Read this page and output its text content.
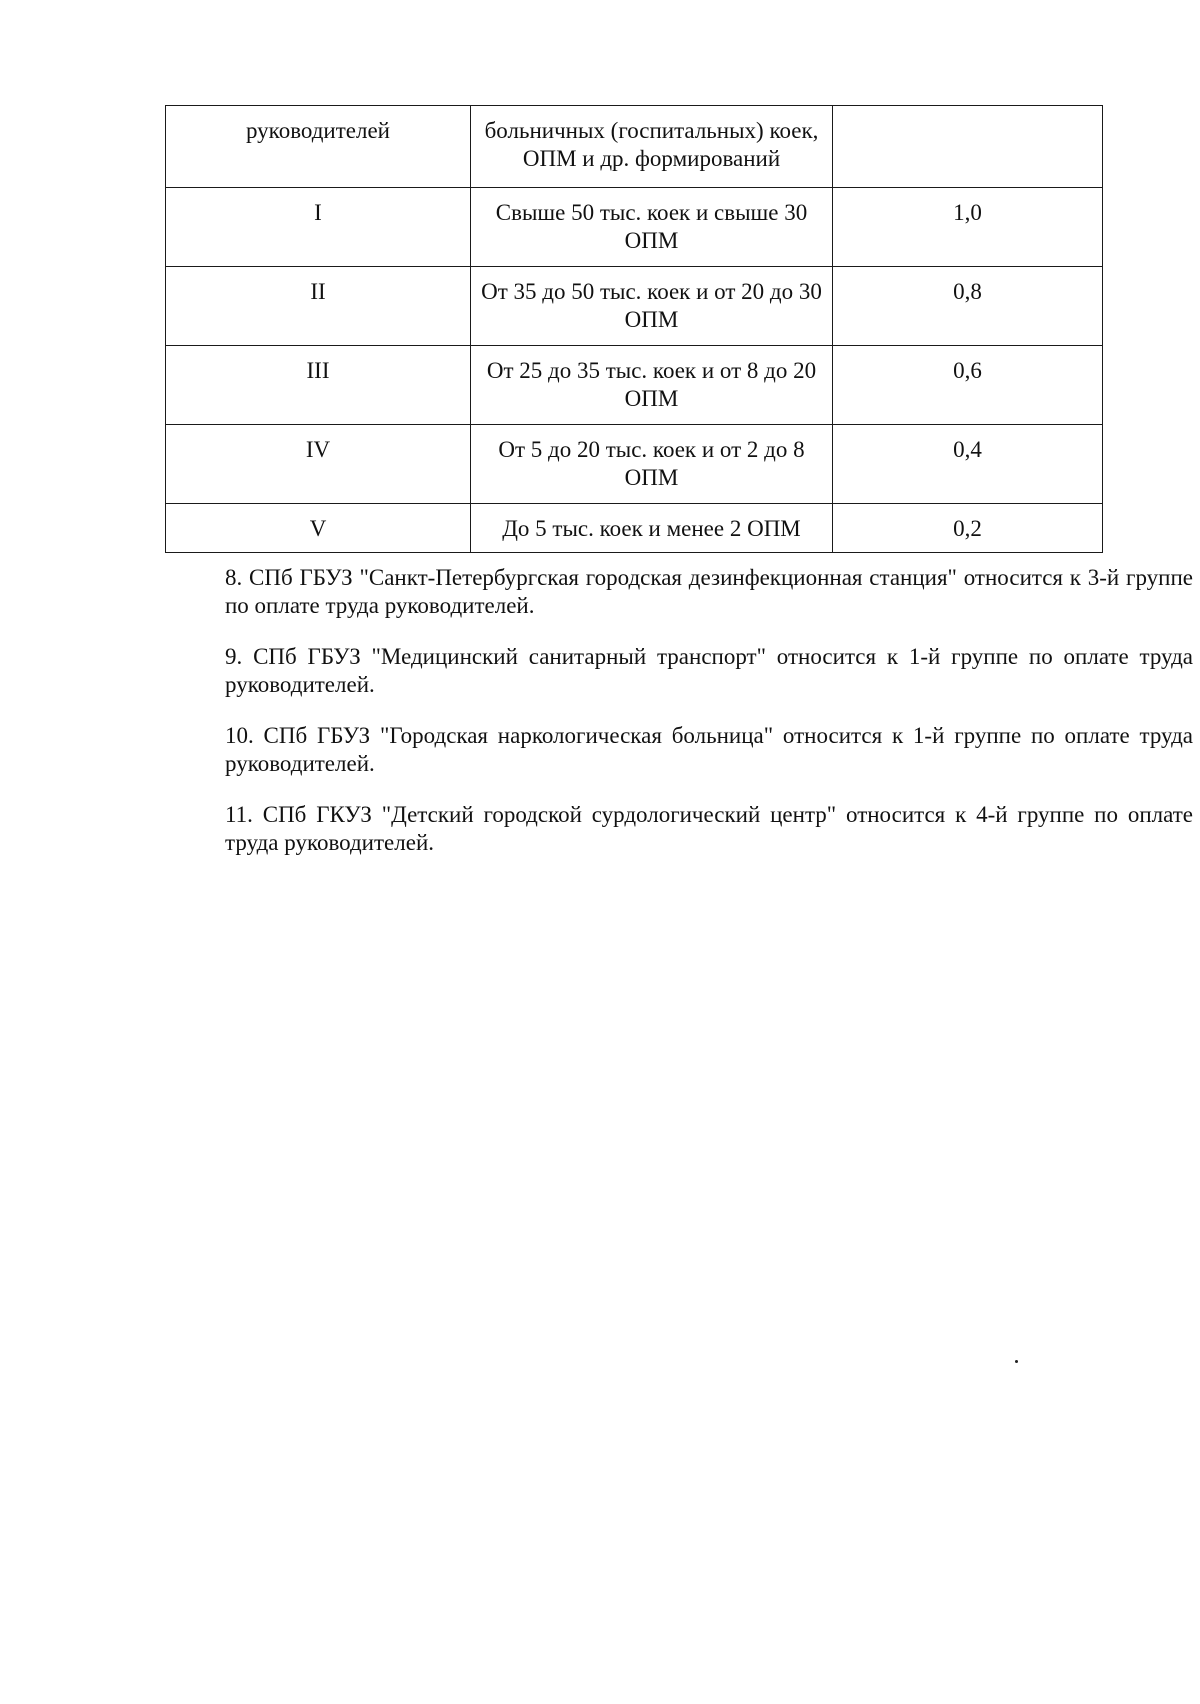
руководителей	больничных (госпитальных) коек, ОПМ и др. формирований	
I	Свыше 50 тыс. коек и свыше 30 ОПМ	1,0
II	От 35 до 50 тыс. коек и от 20 до 30 ОПМ	0,8
III	От 25 до 35 тыс. коек и от 8 до 20 ОПМ	0,6
IV	От 5 до 20 тыс. коек и от 2 до 8 ОПМ	0,4
V	До 5 тыс. коек и менее 2 ОПМ	0,2

8. СПб ГБУЗ "Санкт-Петербургская городская дезинфекционная станция" относится к 3-й группе по оплате труда руководителей.

9. СПб ГБУЗ "Медицинский санитарный транспорт" относится к 1-й группе по оплате труда руководителей.

10. СПб ГБУЗ "Городская наркологическая больница" относится к 1-й группе по оплате труда руководителей.

11. СПб ГКУЗ "Детский городской сурдологический центр" относится к 4-й группе по оплате труда руководителей.
